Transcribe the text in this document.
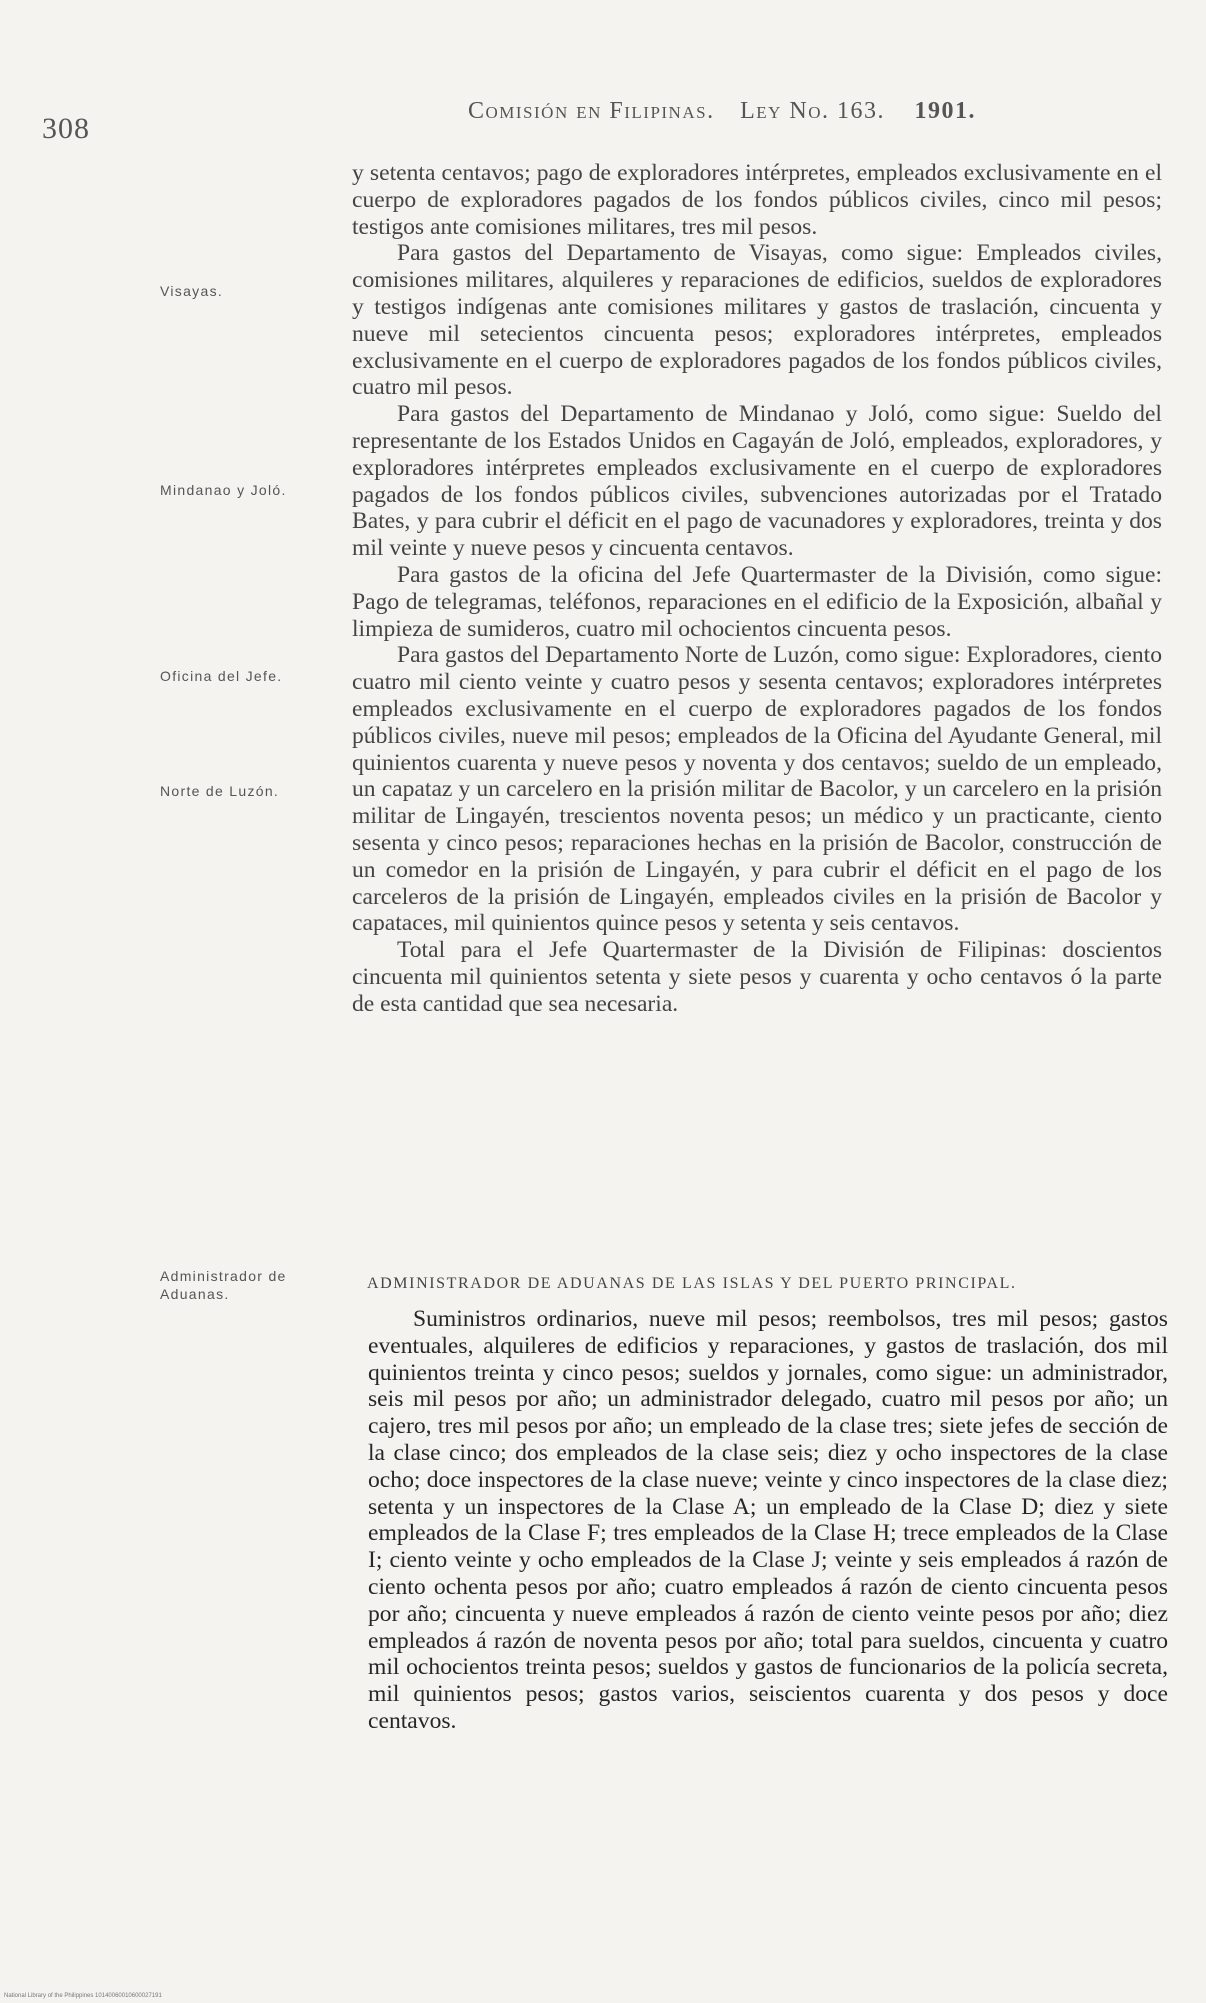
308
Comisión en Filipinas. Ley No. 163. 1901.
Visayas.
Mindanao y Joló.
Oficina del Jefe.
Norte de Luzón.
Administrador de Aduanas.

y setenta centavos; pago de exploradores intérpretes, empleados exclusivamente en el cuerpo de exploradores pagados de los fondos públicos civiles, cinco mil pesos; testigos ante comisiones militares, tres mil pesos.

Para gastos del Departamento de Visayas, como sigue: Empleados civiles, comisiones militares, alquileres y reparaciones de edificios, sueldos de exploradores y testigos indígenas ante comisiones militares y gastos de traslación, cincuenta y nueve mil setecientos cincuenta pesos; exploradores intérpretes, empleados exclusivamente en el cuerpo de exploradores pagados de los fondos públicos civiles, cuatro mil pesos.

Para gastos del Departamento de Mindanao y Joló, como sigue: Sueldo del representante de los Estados Unidos en Cagayán de Joló, empleados, exploradores, y exploradores intérpretes empleados exclusivamente en el cuerpo de exploradores pagados de los fondos públicos civiles, subvenciones autorizadas por el Tratado Bates, y para cubrir el déficit en el pago de vacunadores y exploradores, treinta y dos mil veinte y nueve pesos y cincuenta centavos.

Para gastos de la oficina del Jefe Quartermaster de la División, como sigue: Pago de telegramas, teléfonos, reparaciones en el edificio de la Exposición, albañal y limpieza de sumideros, cuatro mil ochocientos cincuenta pesos.

Para gastos del Departamento Norte de Luzón, como sigue: Exploradores, ciento cuatro mil ciento veinte y cuatro pesos y sesenta centavos; exploradores intérpretes empleados exclusivamente en el cuerpo de exploradores pagados de los fondos públicos civiles, nueve mil pesos; empleados de la Oficina del Ayudante General, mil quinientos cuarenta y nueve pesos y noventa y dos centavos; sueldo de un empleado, un capataz y un carcelero en la prisión militar de Bacolor, y un carcelero en la prisión militar de Lingayén, trescientos noventa pesos; un médico y un practicante, ciento sesenta y cinco pesos; reparaciones hechas en la prisión de Bacolor, construcción de un comedor en la prisión de Lingayén, y para cubrir el déficit en el pago de los carceleros de la prisión de Lingayén, empleados civiles en la prisión de Bacolor y capataces, mil quinientos quince pesos y setenta y seis centavos.

Total para el Jefe Quartermaster de la División de Filipinas: doscientos cincuenta mil quinientos setenta y siete pesos y cuarenta y ocho centavos ó la parte de esta cantidad que sea necesaria.

ADMINISTRADOR DE ADUANAS DE LAS ISLAS Y DEL PUERTO PRINCIPAL.

Suministros ordinarios, nueve mil pesos; reembolsos, tres mil pesos; gastos eventuales, alquileres de edificios y reparaciones, y gastos de traslación, dos mil quinientos treinta y cinco pesos; sueldos y jornales, como sigue: un administrador, seis mil pesos por año; un administrador delegado, cuatro mil pesos por año; un cajero, tres mil pesos por año; un empleado de la clase tres; siete jefes de sección de la clase cinco; dos empleados de la clase seis; diez y ocho inspectores de la clase ocho; doce inspectores de la clase nueve; veinte y cinco inspectores de la clase diez; setenta y un inspectores de la Clase A; un empleado de la Clase D; diez y siete empleados de la Clase F; tres empleados de la Clase H; trece empleados de la Clase I; ciento veinte y ocho empleados de la Clase J; veinte y seis empleados á razón de ciento ochenta pesos por año; cuatro empleados á razón de ciento cincuenta pesos por año; cincuenta y nueve empleados á razón de ciento veinte pesos por año; diez empleados á razón de noventa pesos por año; total para sueldos, cincuenta y cuatro mil ochocientos treinta pesos; sueldos y gastos de funcionarios de la policía secreta, mil quinientos pesos; gastos varios, seiscientos cuarenta y dos pesos y doce centavos.

National Library of the Philippines 10140060010600027191
